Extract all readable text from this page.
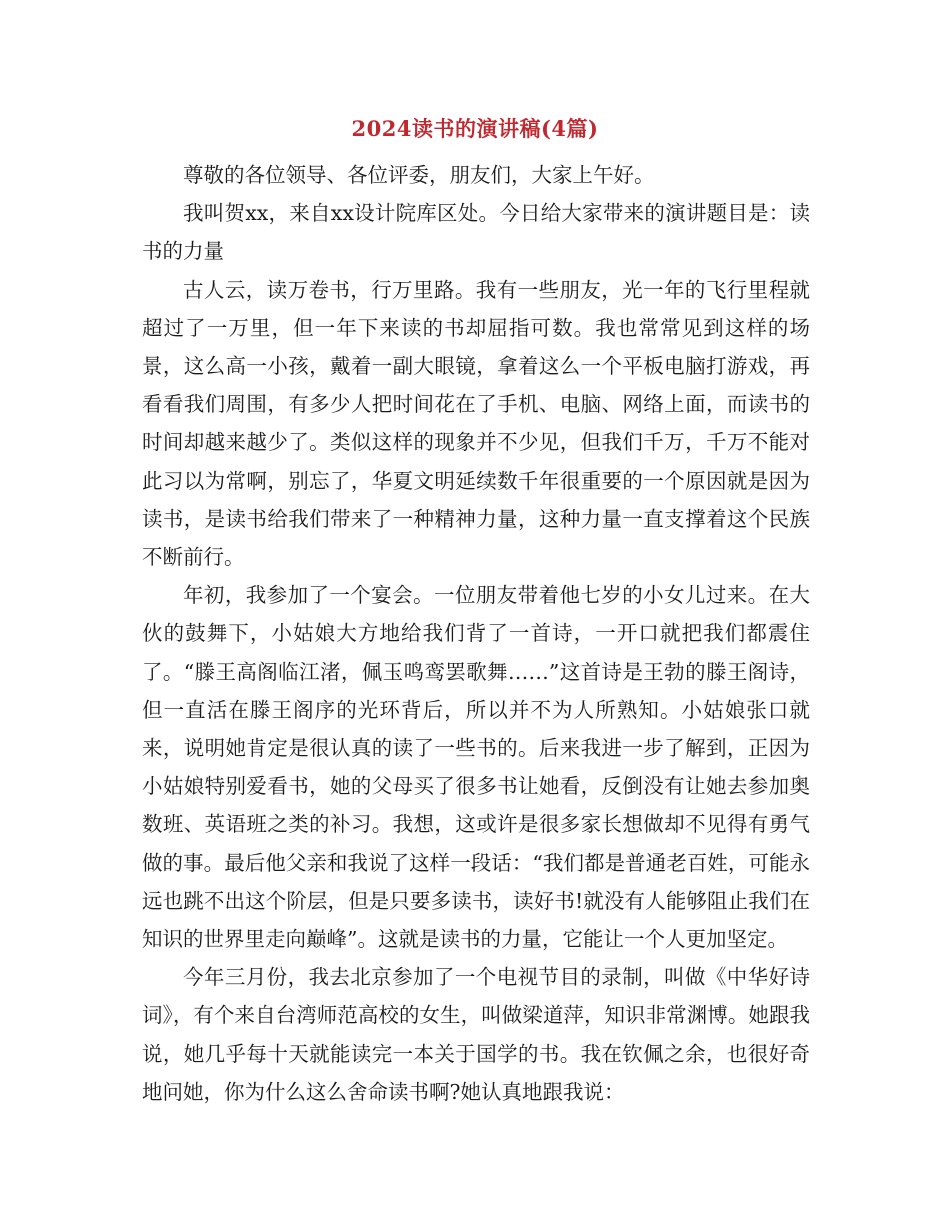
2024读书的演讲稿(4篇)

尊敬的各位领导、各位评委，朋友们，大家上午好。

我叫贺xx，来自xx设计院库区处。今日给大家带来的演讲题目是：读书的力量

古人云，读万卷书，行万里路。我有一些朋友，光一年的飞行里程就超过了一万里，但一年下来读的书却屈指可数。我也常常见到这样的场景，这么高一小孩，戴着一副大眼镜，拿着这么一个平板电脑打游戏，再看看我们周围，有多少人把时间花在了手机、电脑、网络上面，而读书的时间却越来越少了。类似这样的现象并不少见，但我们千万，千万不能对此习以为常啊，别忘了，华夏文明延续数千年很重要的一个原因就是因为读书，是读书给我们带来了一种精神力量，这种力量一直支撑着这个民族不断前行。

年初，我参加了一个宴会。一位朋友带着他七岁的小女儿过来。在大伙的鼓舞下，小姑娘大方地给我们背了一首诗，一开口就把我们都震住了。“滕王高阁临江渚，佩玉鸣鸾罢歌舞……”这首诗是王勃的滕王阁诗，但一直活在滕王阁序的光环背后，所以并不为人所熟知。小姑娘张口就来，说明她肯定是很认真的读了一些书的。后来我进一步了解到，正因为小姑娘特别爱看书，她的父母买了很多书让她看，反倒没有让她去参加奥数班、英语班之类的补习。我想，这或许是很多家长想做却不见得有勇气做的事。最后他父亲和我说了这样一段话：“我们都是普通老百姓，可能永远也跳不出这个阶层，但是只要多读书，读好书!就没有人能够阻止我们在知识的世界里走向巅峰”。这就是读书的力量，它能让一个人更加坚定。

今年三月份，我去北京参加了一个电视节目的录制，叫做《中华好诗词》，有个来自台湾师范高校的女生，叫做梁道萍，知识非常渊博。她跟我说，她几乎每十天就能读完一本关于国学的书。我在钦佩之余，也很好奇地问她，你为什么这么舍命读书啊?她认真地跟我说：
